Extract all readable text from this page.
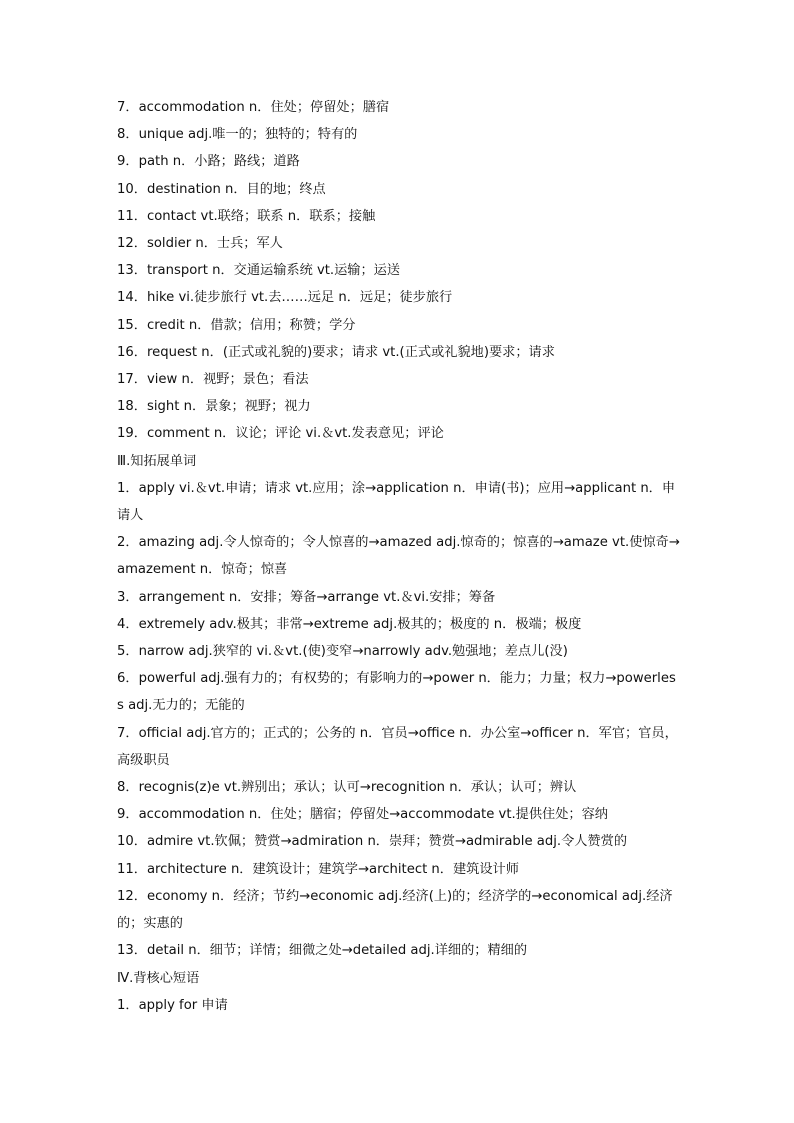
7．accommodation n．住处；停留处；膳宿
8．unique adj.唯一的；独特的；特有的
9．path n．小路；路线；道路
10．destination n．目的地；终点
11．contact vt.联络；联系 n．联系；接触
12．soldier n．士兵；军人
13．transport n．交通运输系统 vt.运输；运送
14．hike vi.徒步旅行 vt.去……远足 n．远足；徒步旅行
15．credit n．借款；信用；称赞；学分
16．request n．(正式或礼貌的)要求；请求 vt.(正式或礼貌地)要求；请求
17．view n．视野；景色；看法
18．sight n．景象；视野；视力
19．comment n．议论；评论 vi.＆vt.发表意见；评论
Ⅲ.知拓展单词
1．apply vi.＆vt.申请；请求 vt.应用；涂→application n．申请(书)；应用→applicant n．申请人
2．amazing adj.令人惊奇的；令人惊喜的→amazed adj.惊奇的；惊喜的→amaze vt.使惊奇→amazement n．惊奇；惊喜
3．arrangement n．安排；筹备→arrange vt.＆vi.安排；筹备
4．extremely adv.极其；非常→extreme adj.极其的；极度的 n．极端；极度
5．narrow adj.狭窄的 vi.＆vt.(使)变窄→narrowly adv.勉强地；差点儿(没)
6．powerful adj.强有力的；有权势的；有影响力的→power n．能力；力量；权力→powerless adj.无力的；无能的
7．official adj.官方的；正式的；公务的 n．官员→office n．办公室→officer n．军官；官员，高级职员
8．recognis(z)e vt.辨别出；承认；认可→recognition n．承认；认可；辨认
9．accommodation n．住处；膳宿；停留处→accommodate vt.提供住处；容纳
10．admire vt.钦佩；赞赏→admiration n．崇拜；赞赏→admirable adj.令人赞赏的
11．architecture n．建筑设计；建筑学→architect n．建筑设计师
12．economy n．经济；节约→economic adj.经济(上)的；经济学的→economical adj.经济的；实惠的
13．detail n．细节；详情；细微之处→detailed adj.详细的；精细的
Ⅳ.背核心短语
1．apply for 申请
